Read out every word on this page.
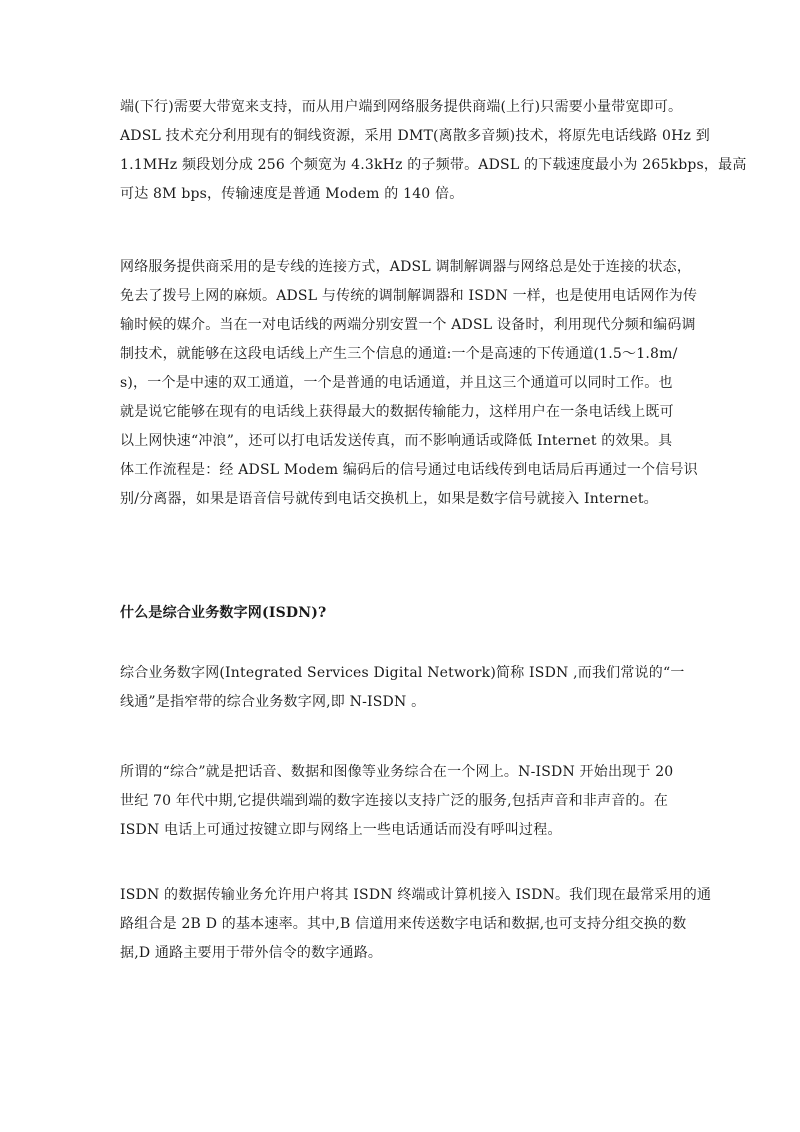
端(下行)需要大带宽来支持，而从用户端到网络服务提供商端(上行)只需要小量带宽即可。
ADSL 技术充分利用现有的铜线资源，采用 DMT(离散多音频)技术，将原先电话线路 0Hz 到
1.1MHz 频段划分成 256 个频宽为 4.3kHz 的子频带。ADSL 的下载速度最小为 265kbps，最高
可达 8M bps，传输速度是普通 Modem 的 140 倍。
网络服务提供商采用的是专线的连接方式，ADSL 调制解调器与网络总是处于连接的状态，
免去了拨号上网的麻烦。ADSL 与传统的调制解调器和 ISDN 一样，也是使用电话网作为传
输时候的媒介。当在一对电话线的两端分别安置一个 ADSL 设备时，利用现代分频和编码调
制技术，就能够在这段电话线上产生三个信息的通道:一个是高速的下传通道(1.5～1.8m/
s)，一个是中速的双工通道，一个是普通的电话通道，并且这三个通道可以同时工作。也
就是说它能够在现有的电话线上获得最大的数据传输能力，这样用户在一条电话线上既可
以上网快速“冲浪”，还可以打电话发送传真，而不影响通话或降低 Internet 的效果。具
体工作流程是：经 ADSL Modem 编码后的信号通过电话线传到电话局后再通过一个信号识
别/分离器，如果是语音信号就传到电话交换机上，如果是数字信号就接入 Internet。
什么是综合业务数字网(ISDN)?
综合业务数字网(Integrated Services Digital Network)简称 ISDN ,而我们常说的“一
线通”是指窄带的综合业务数字网,即 N-ISDN 。
所谓的“综合”就是把话音、数据和图像等业务综合在一个网上。N-ISDN 开始出现于 20
世纪 70 年代中期,它提供端到端的数字连接以支持广泛的服务,包括声音和非声音的。在
ISDN 电话上可通过按键立即与网络上一些电话通话而没有呼叫过程。
ISDN 的数据传输业务允许用户将其 ISDN 终端或计算机接入 ISDN。我们现在最常采用的通
路组合是 2B D 的基本速率。其中,B 信道用来传送数字电话和数据,也可支持分组交换的数
据,D 通路主要用于带外信令的数字通路。
